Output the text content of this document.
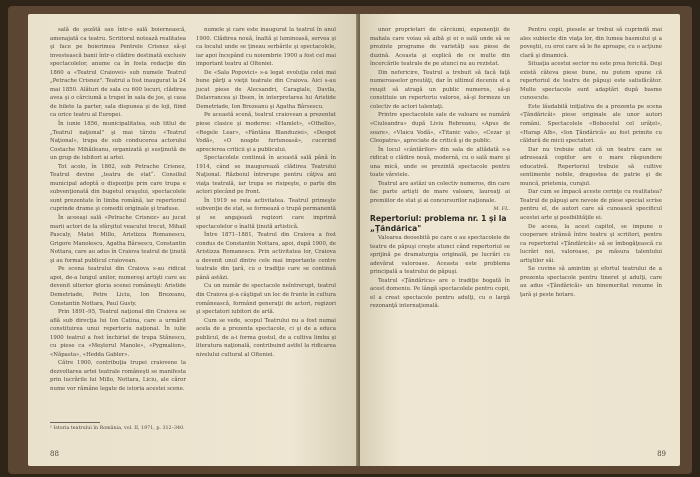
sală de şezătă sau într-o sală boiernească, amenajată ca teatru. Scriitorul notează realitatea şi face pe boierimea Pentrele Crisnez să-şi investească banii într-o clădire destinată exclusiv spectacolelor, anume ca în fosta redacţie din 1860 a «Teatrul Craiovei» sub numele Teatrul „Petrache Crisnez". Teatrul a fost inaugurat la 24 mai 1850. Alături de sala cu 600 locuri, clădirea avea şi o cârciumă a trupei în sala de jos, şi casa de bilete la parter, sala dispunea şi de loji, fiind ca orice teatru al Europei.

În iunie 1856, municipalitatea, sub titlul de „Teatrul naţional" şi mai târziu «Teatrul Naţional», trupa de sub conducerea actorului Costache Mihăileanu, organizată şi susţinută de un grup de iubitori ai artei.

Tot acolo, în 1862, sub Petrache Crisnez, Teatrul devine „teatru de stat“. Consiliul municipal adoptă o dispoziţie prin care trupa e subvenţionată din bugetul oraşului, spectacolele sunt prezentate în limba română, iar repertoriul cuprinde drame şi comedii originale şi traduse.

În aceeaşi sală «Petrache Crisnez» au jucat marii actori de la sfârşitul veacului trecut, Mihail Pascaly, Matei Millo, Aristizza Romanescu, Grigore Manolescu, Agatha Bârsescu, Constantin Nottara, care au adus în Craiova teatrul de ţinută şi au format publicul craiovean.

Pe scena teatrului din Craiova s-au ridicat apoi, de-a lungul anilor, numeroşi artişti care au devenit ulterior gloria scenei româneşti: Aristide Demetriade, Petre Liciu, Ion Brezeanu, Constantin Nottara, Paul Gusty.

Prin 1891–95, Teatrul naţional din Craiova se află sub direcţia lui Ion Catina, care a urmărit constituirea unui repertoriu naţional. În iulie 1900 teatrul a fost închiriat de trupa Stănescu, cu piese ca «Meşterul Manole», «Pygmalion», «Năpasta», «Hedda Gabler».

Către 1900, contribuţia trupei craiovene la dezvoltarea artei teatrale româneşti se manifesta prin lucrările lui Millo, Nottara, Liciu, ale căror nume vor rămâne legate de istoria acestei scene.

numele şi care este inaugurat la teatrul în anul 1900. Clădirea nouă, înaltă şi luminoasă, servea şi ca localul unde se ţineau serbările şi spectacolele, iar apoi începând cu noiembrie 1900 a fost cel mai important teatru al Olteniei.

De «Sala Popovici» s-a legat evoluţia celei mai bune părţi a vieţii teatrale din Craiova. Aici s-au jucat piese de Alecsandri, Caragiale, Davila, Delavrancea şi Ibsen, în interpretarea lui Aristide Demetriade, Ion Brezeanu şi Agatha Bârsescu.

Pe această scenă, teatrul craiovean a prezentat piese clasice şi moderne: «Hamlet», «Othello», «Regele Lear», «Fântâna Blanduziei», «Despot Vodă», «O noapte furtunoasă», cucerind aprecierea criticii şi a publicului.

Spectacolele continuă în această sală până în 1914, când se inaugurează clădirea Teatrului Naţional. Războiul întrerupe pentru câţiva ani viaţa teatrală, iar trupa se risipeşte, o parte din actori plecând pe front.

În 1919 se reia activitatea. Teatrul primeşte subvenţie de stat, se formează o trupă permanentă şi se angajează regizori care imprimă spectacolelor o înaltă ţinută artistică.

Între 1871–1881, Teatrul din Craiova a fost condus de Constantin Nottara, apoi, după 1900, de Aristizza Romanescu. Prin activitatea lor, Craiova a devenit unul dintre cele mai importante centre teatrale din ţară, cu o tradiţie care se continuă până astăzi.

Cu un număr de spectacole neîntrerupt, teatrul din Craiova şi-a câştigat un loc de frunte în cultura românească, formând generaţii de actori, regizori şi spectatori iubitori de artă.

Cum se vede, scopul Teatrului nu a fost numai acela de a prezenta spectacole, ci şi de a educa publicul, de a-i forma gustul, de a cultiva limba şi literatura naţională, contribuind astfel la ridicarea nivelului cultural al Olteniei.

¹ Istoria teatrului în România, vol. II, 1971, p. 312–340.

88

unor proprietari de cârciumi, exponenţii de mahala care voiau să aibă şi ei o sală unde să se prezinte programe de varietăţi sau piese de duzină. Aceasta şi explică de ce multe din încercările teatrale de pe atunci nu au rezistat.

Din nefericire, Teatrul a trebuit să facă faţă numeroaselor greutăţi, dar în ultimul deceniu el a reuşit să atragă un public numeros, să-şi constituie un repertoriu valoros, să-şi formeze un colectiv de actori talentaţi.

Printre spectacolele sale de valoare se numără «Ciuleandra» după Liviu Rebreanu, «Apus de soare», «Vlaicu Vodă», «Titanic vals», «Cezar şi Cleopatra», apreciate de critică şi de public.

În locul «cântărilor» din sala de altădată s-a ridicat o clădire nouă, modernă, cu o sală mare şi una mică, unde se prezintă spectacole pentru toate vârstele.

Teatrul are astăzi un colectiv numeros, din care fac parte artişti de mare valoare, laureaţi ai premiilor de stat şi ai concursurilor naţionale.

M. FL.

Repertoriul: problema nr. 1 şi la „Ţăndărica"

Valoarea deosebită pe care o au spectacolele de teatru de păpuşi creşte atunci când repertoriul se sprijină pe dramaturgia originală, pe lucrări cu adevărat valoroase. Aceasta este problema principală a teatrului de păpuşi.

Teatrul «Ţăndărica» are o tradiţie bogată în acest domeniu. Pe lângă spectacolele pentru copii, el a creat spectacole pentru adulţi, cu o largă rezonanţă internaţională.

Pentru copii, piesele ar trebui să cuprindă mai ales subiecte din viaţa lor, din lumea basmului şi a poveştii, cu eroi care să le fie aproape, cu o acţiune clară şi dinamică.

Situaţia acestui sector nu este prea fericită. Deşi există câteva piese bune, nu putem spune că repertoriul de teatru de păpuşi este satisfăcător. Multe spectacole sunt adaptări după basme cunoscute.

Este lăudabilă iniţiativa de a prezenta pe scena «Ţăndăricăi» piese originale ale unor autori români. Spectacolele «Bobocelul cel urâţel», «Harap Alb», «Ion Ţăndărică» au fost primite cu căldură de micii spectatori.

Dar nu trebuie uitat că un teatru care se adresează copiilor are o mare răspundere educativă. Repertoriul trebuie să cultive sentimente nobile, dragostea de patrie şi de muncă, prietenia, curajul.

Dar cum se împacă aceste cerinţe cu realitatea? Teatrul de păpuşi are nevoie de piese special scrise pentru el, de autori care să cunoască specificul acestei arte şi posibilităţile ei.

De aceea, la acest capitol, se impune o cooperare strânsă între teatru şi scriitori, pentru ca repertoriul «Ţăndăricăi» să se îmbogăţească cu lucrări noi, valoroase, pe măsura talentului artiştilor săi.

Se cuvine să amintim şi efortul teatrului de a prezenta spectacole pentru tineret şi adulţi, care au adus «Ţăndăricăi» un binemeritat renume în ţară şi peste hotare.

89
